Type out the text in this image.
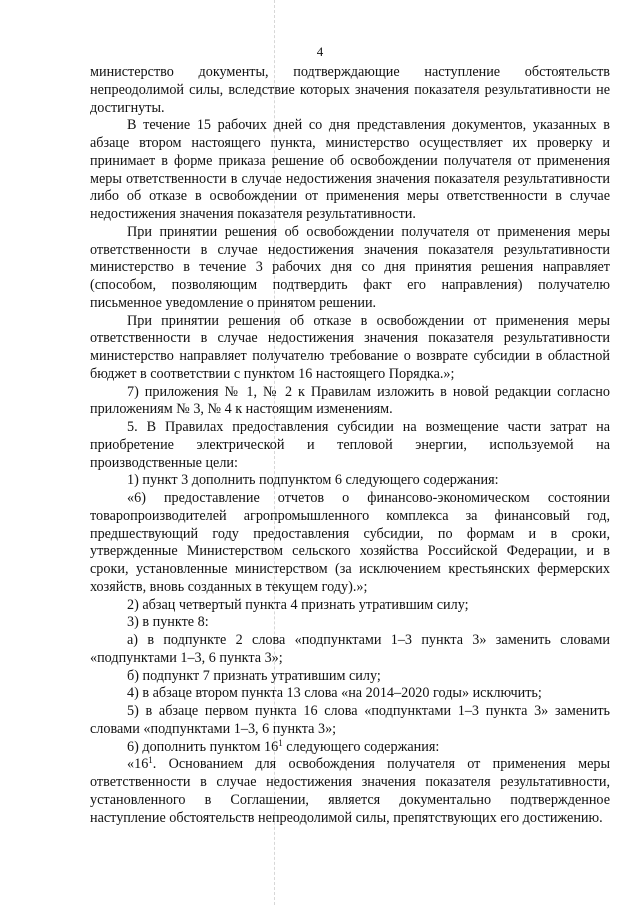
4

министерство документы, подтверждающие наступление обстоятельств непреодолимой силы, вследствие которых значения показателя результативности не достигнуты.

В течение 15 рабочих дней со дня представления документов, указанных в абзаце втором настоящего пункта, министерство осуществляет их проверку и принимает в форме приказа решение об освобождении получателя от применения меры ответственности в случае недостижения значения показателя результативности либо об отказе в освобождении от применения меры ответственности в случае недостижения значения показателя результативности.

При принятии решения об освобождении получателя от применения меры ответственности в случае недостижения значения показателя результативности министерство в течение 3 рабочих дня со дня принятия решения направляет (способом, позволяющим подтвердить факт его направления) получателю письменное уведомление о принятом решении.

При принятии решения об отказе в освобождении от применения меры ответственности в случае недостижения значения показателя результативности министерство направляет получателю требование о возврате субсидии в областной бюджет в соответствии с пунктом 16 настоящего Порядка.»;

7) приложения № 1, № 2 к Правилам изложить в новой редакции согласно приложениям № 3, № 4 к настоящим изменениям.

5. В Правилах предоставления субсидии на возмещение части затрат на приобретение электрической и тепловой энергии, используемой на производственные цели:

1) пункт 3 дополнить подпунктом 6 следующего содержания:

«6) предоставление отчетов о финансово-экономическом состоянии товаропроизводителей агропромышленного комплекса за финансовый год, предшествующий году предоставления субсидии, по формам и в сроки, утвержденные Министерством сельского хозяйства Российской Федерации, и в сроки, установленные министерством (за исключением крестьянских фермерских хозяйств, вновь созданных в текущем году).»;

2) абзац четвертый пункта 4 признать утратившим силу;

3) в пункте 8:

а) в подпункте 2 слова «подпунктами 1–3 пункта 3» заменить словами «подпунктами 1–3, 6 пункта 3»;

б) подпункт 7 признать утратившим силу;

4) в абзаце втором пункта 13 слова «на 2014–2020 годы» исключить;

5) в абзаце первом пункта 16 слова «подпунктами 1–3 пункта 3» заменить словами «подпунктами 1–3, 6 пункта 3»;

6) дополнить пунктом $16^1$ следующего содержания:

«$16^1$. Основанием для освобождения получателя от применения меры ответственности в случае недостижения значения показателя результативности, установленного в Соглашении, является документально подтвержденное наступление обстоятельств непреодолимой силы, препятствующих его достижению.
